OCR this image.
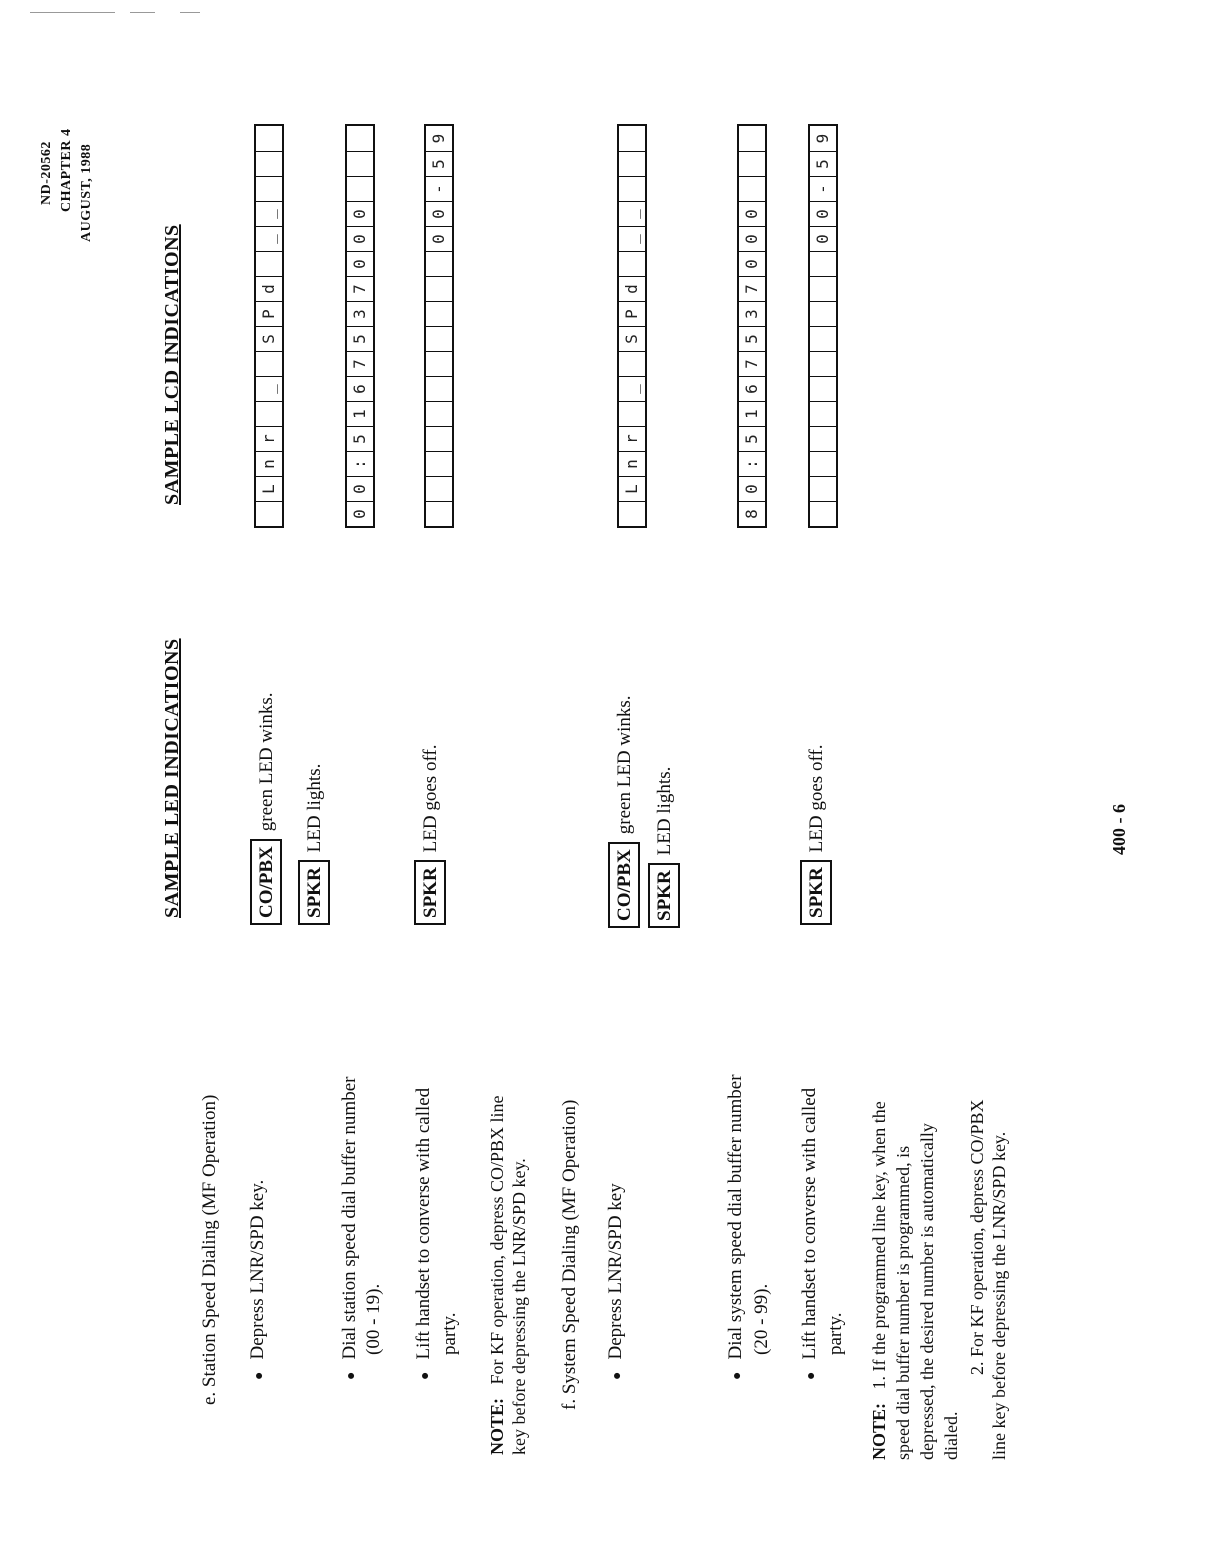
ND-20562 CHAPTER 4 AUGUST, 1988
SAMPLE LED INDICATIONS
SAMPLE LCD INDICATIONS
e. Station Speed Dialing (MF Operation) ● Depress LNR/SPD key.	● Dial station speed dial buffer number (00 - 19). ● Lift handset to converse with called party.
NOTE:   For KF operation, depress CO/PBX line key before depressing the LNR/SPD key. f. System Speed Dialing (MF Operation) ● Depress LNR/SPD key	● Dial system speed dial buffer number (20 - 99). ● Lift handset to converse with called party.
NOTE:   1. If the programmed line key, when the speed dial buffer number is programmed, is depressed, the desired number is automatically dialed.
2. For KF operation, depress CO/PBX line key before depressing the LNR/SPD key.
CO/PBXgreen LED winks.
SPKRLED lights.
SPKRLED goes off.
CO/PBXgreen LED winks.
SPKRLED lights.
SPKRLED goes off.
L
n
r
_
S
P
d
_
_
0
0
:
5
1
6
7
5
3
7
0
0
0
0
0
-
5
9
L
n
r
_
S
P
d
_
_
8
0
:
5
1
6
7
5
3
7
0
0
0
0
0
-
5
9
400 - 6
